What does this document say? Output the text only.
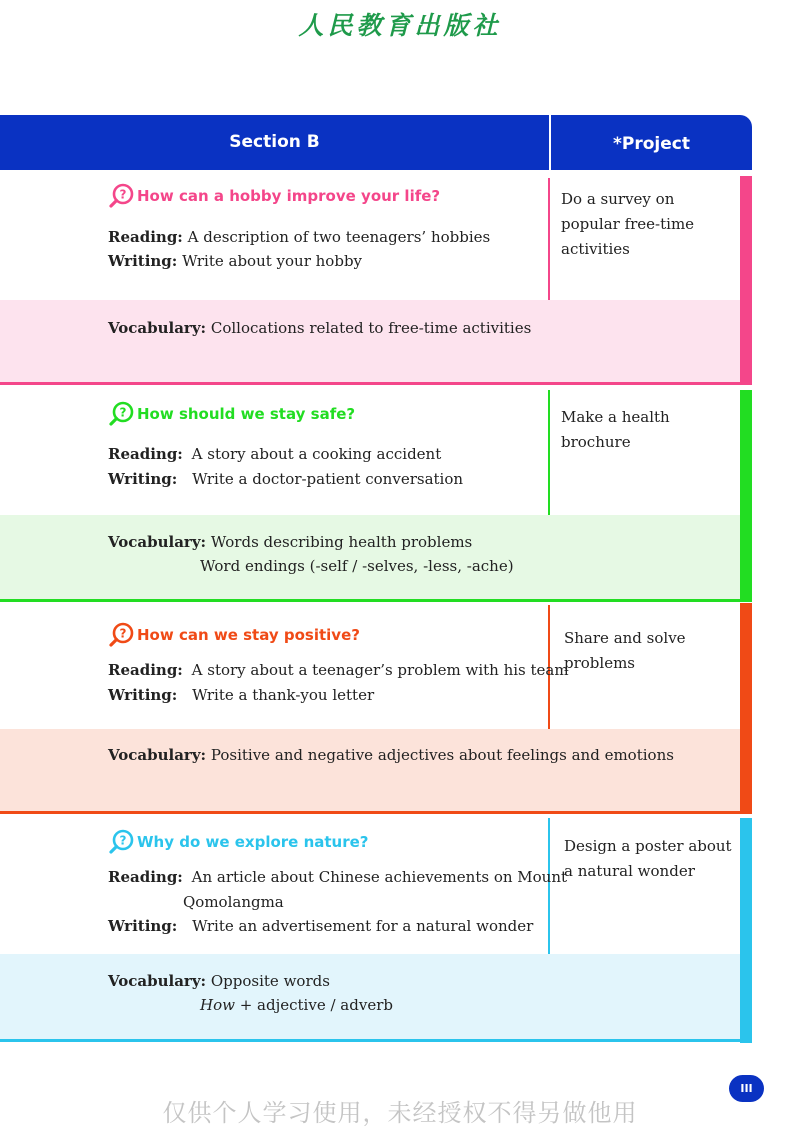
人民教育出版社
Section B	*Project
? How can a hobby improve your life?
Reading: A description of two teenagers’ hobbies
Writing: Write about your hobby
Do a survey on popular free-time activities
Vocabulary: Collocations related to free-time activities
? How should we stay safe?
Reading: A story about a cooking accident
Writing: Write a doctor-patient conversation
Make a health brochure
Vocabulary: Words describing health problems
Word endings (-self / -selves, -less, -ache)
? How can we stay positive?
Reading: A story about a teenager’s problem with his team
Writing: Write a thank-you letter
Share and solve problems
Vocabulary: Positive and negative adjectives about feelings and emotions
? Why do we explore nature?
Reading: An article about Chinese achievements on Mount
Qomolangma
Writing: Write an advertisement for a natural wonder
Design a poster about a natural wonder
Vocabulary: Opposite words
How + adjective / adverb
III
仅供个人学习使用，未经授权不得另做他用
